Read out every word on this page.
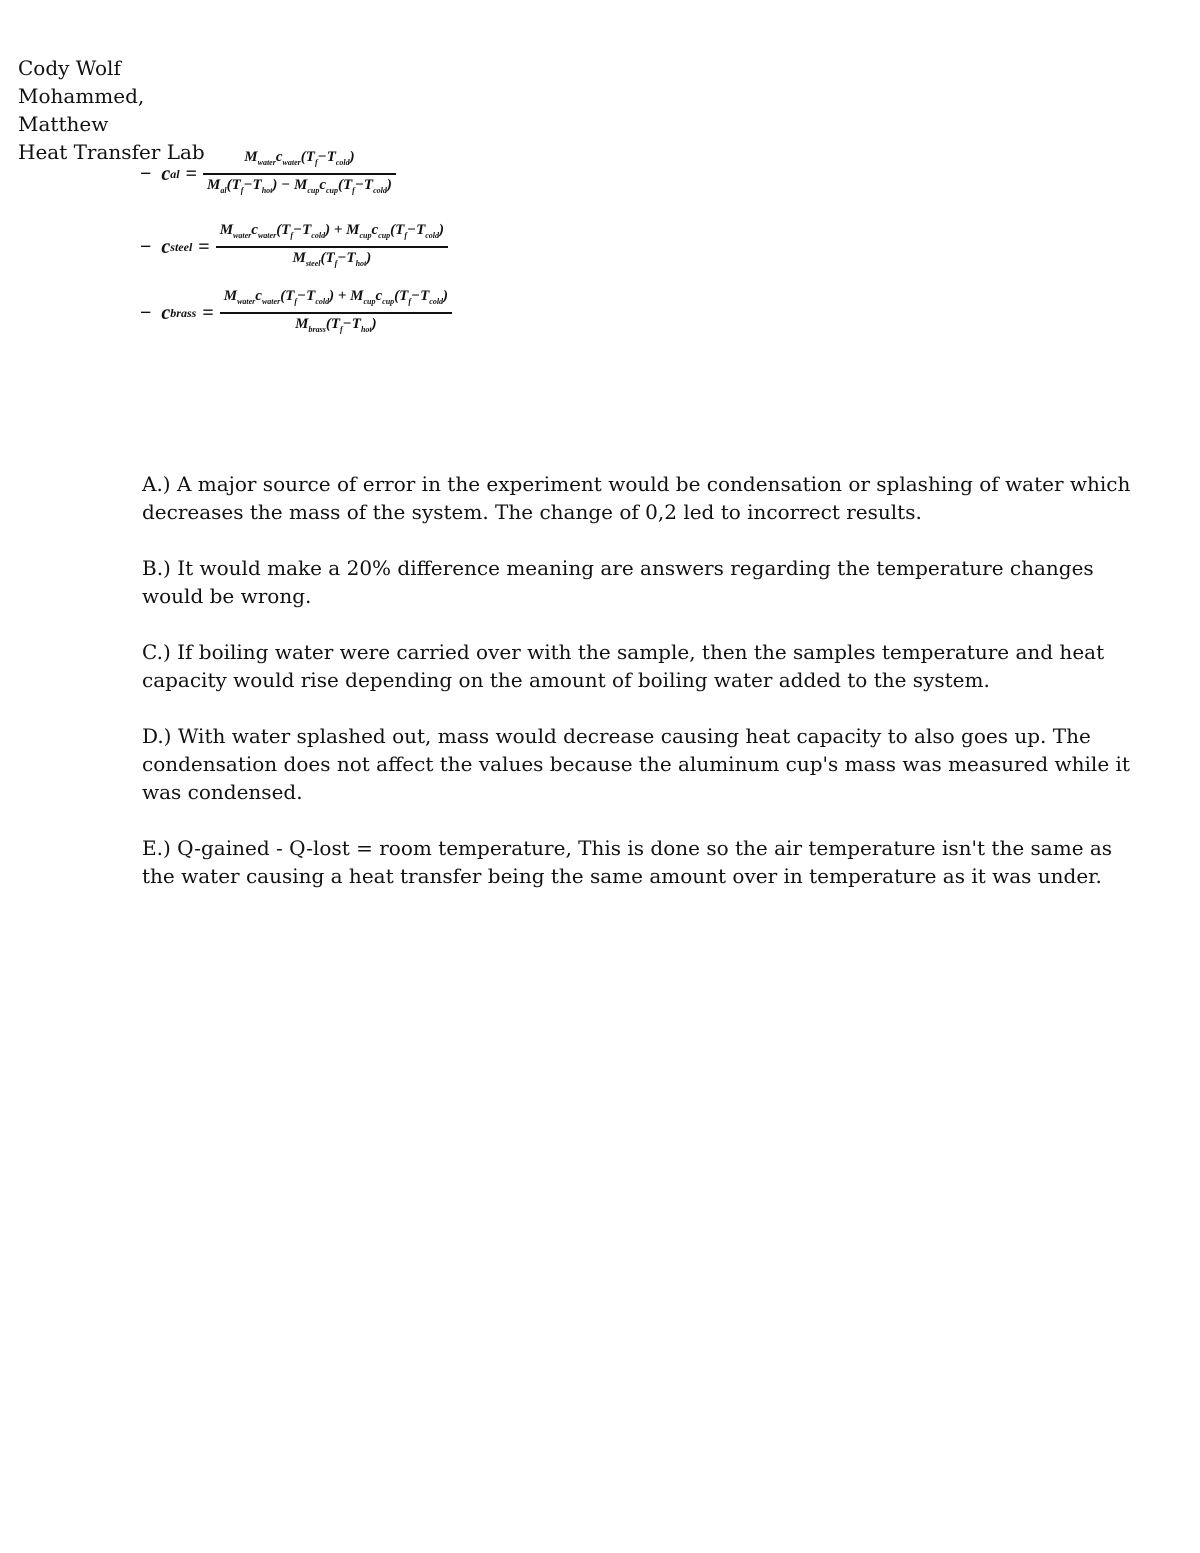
Cody Wolf
Mohammed,
Matthew
Heat Transfer Lab
− c al = $\frac{M_{water}c_{water}(T_f-T_{cold})}{M_{al}(T_f-T_{hot}) - M_{cup}c_{cup}(T_f-T_{cold})}$
− c steel = $\frac{M_{water}c_{water}(T_f-T_{cold}) + M_{cup}c_{cup}(T_f-T_{cold})}{M_{steel}(T_f-T_{hot})}$
− c brass = $\frac{M_{water}c_{water}(T_f-T_{cold}) + M_{cup}c_{cup}(T_f-T_{cold})}{M_{brass}(T_f-T_{hot})}$

A.) A major source of error in the experiment would be condensation or splashing of water which decreases the mass of the system. The change of 0,2 led to incorrect results.

B.) It would make a 20% difference meaning are answers regarding the temperature changes would be wrong.

C.) If boiling water were carried over with the sample, then the samples temperature and heat capacity would rise depending on the amount of boiling water added to the system.

D.) With water splashed out, mass would decrease causing heat capacity to also goes up. The condensation does not affect the values because the aluminum cup's mass was measured while it was condensed.

E.) Q-gained - Q-lost = room temperature, This is done so the air temperature isn't the same as the water causing a heat transfer being the same amount over in temperature as it was under.
